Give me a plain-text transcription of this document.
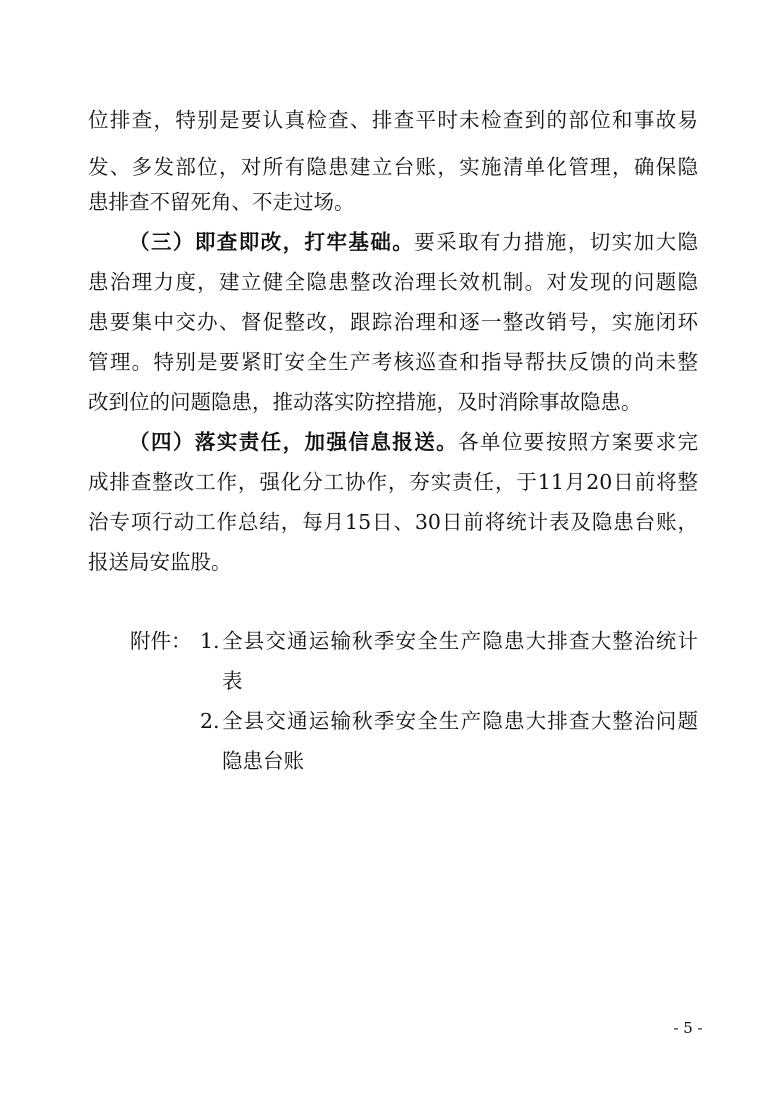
位排查，特别是要认真检查、排查平时未检查到的部位和事故易
发、多发部位，对所有隐患建立台账，实施清单化管理，确保隐
患排查不留死角、不走过场。
（三）即查即改，打牢基础。要采取有力措施，切实加大隐
患治理力度，建立健全隐患整改治理长效机制。对发现的问题隐
患要集中交办、督促整改，跟踪治理和逐一整改销号，实施闭环
管理。特别是要紧盯安全生产考核巡查和指导帮扶反馈的尚未整
改到位的问题隐患，推动落实防控措施，及时消除事故隐患。
（四）落实责任，加强信息报送。各单位要按照方案要求完
成排查整改工作，强化分工协作，夯实责任，于11月20日前将整
治专项行动工作总结，每月15日、30日前将统计表及隐患台账，
报送局安监股。
附件： 1. 全县交通运输秋季安全生产隐患大排查大整治统计
表
2. 全县交通运输秋季安全生产隐患大排查大整治问题
隐患台账
- 5 -
